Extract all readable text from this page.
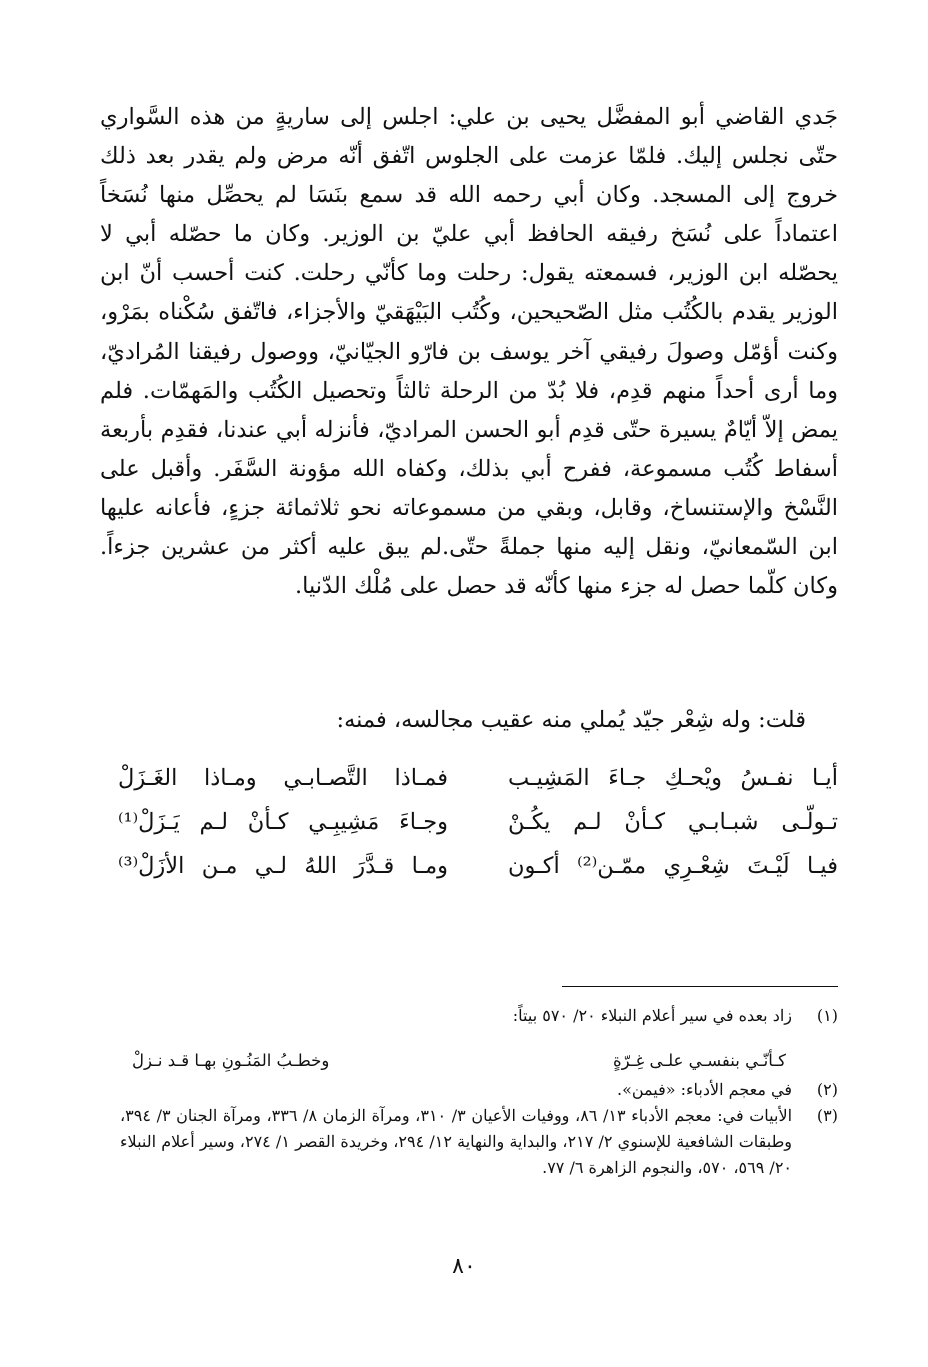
جَدي القاضي أبو المفضَّل يحيى بن علي: اجلس إلى ساريةٍ من هذه السَّواري حتّى نجلس إليك. فلمّا عزمت على الجلوس اتّفق أنّه مرض ولم يقدر بعد ذلك خروج إلى المسجد. وكان أبي رحمه الله قد سمع بنَسَا لم يحصِّل منها نُسَخاً اعتماداً على نُسَخ رفيقه الحافظ أبي عليّ بن الوزير. وكان ما حصّله أبي لا يحصّله ابن الوزير، فسمعته يقول: رحلت وما كأنّي رحلت. كنت أحسب أنّ ابن الوزير يقدم بالكُتُب مثل الصّحيحين، وكُتُب البَيْهَقيّ والأجزاء، فاتّفق سُكْناه بمَرْو، وكنت أؤمّل وصولَ رفيقي آخر يوسف بن فارّو الجيّانيّ، ووصول رفيقنا المُراديّ، وما أرى أحداً منهم قدِم، فلا بُدّ من الرحلة ثالثاً وتحصيل الكُتُب والمَهمّات. فلم يمض إلاّ أيّامٌ يسيرة حتّى قدِم أبو الحسن المراديّ، فأنزله أبي عندنا، فقدِم بأربعة أسفاط كُتُب مسموعة، ففرح أبي بذلك، وكفاه الله مؤونة السَّفَر. وأقبل على النَّسْخ والإستنساخ، وقابل، وبقي من مسموعاته نحو ثلاثمائة جزءٍ، فأعانه عليها ابن السّمعانيّ، ونقل إليه منها جملةً حتّى.لم يبق عليه أكثر من عشرين جزءاً. وكان كلّما حصل له جزء منها كأنّه قد حصل على مُلْك الدّنيا.

قلت: وله شِعْر جيّد يُملي منه عقيب مجالسه، فمنه:
أيـا نفـسُ ويْحـكِ جـاءَ المَشِيـب
فمـاذا التَّصـابـي ومـاذا الغَـزَلْ
تـولّـى شبـابـي كـأنْ لـم يكُـنْ
وجـاءَ مَشِيبِـي كـأنْ لـم يَـزَلْ⁽¹⁾
فيـا لَيْـتَ شِعْـرِي ممّـن⁽²⁾ أكـون
ومـا قـدَّرَ اللهُ لـي مـن الأزَلْ⁽³⁾
(١)
زاد بعده في سير أعلام النبلاء ٢٠/ ٥٧٠ بيتاً:
كـأنّـي بنفسـي علـى غِـرّةٍ
وخطـبُ المَنُـونِ بهـا قـد نـزلْ
(٢)
في معجم الأدباء: «فيمن».
(٣)
الأبيات في: معجم الأدباء ١٣/ ٨٦، ووفيات الأعيان ٣/ ٣١٠، ومرآة الزمان ٨/ ٣٣٦، ومرآة الجنان ٣/ ٣٩٤، وطبقات الشافعية للإسنوي ٢/ ٢١٧، والبداية والنهاية ١٢/ ٢٩٤، وخريدة القصر ١/ ٢٧٤، وسير أعلام النبلاء ٢٠/ ٥٦٩، ٥٧٠، والنجوم الزاهرة ٦/ ٧٧.
٨٠
